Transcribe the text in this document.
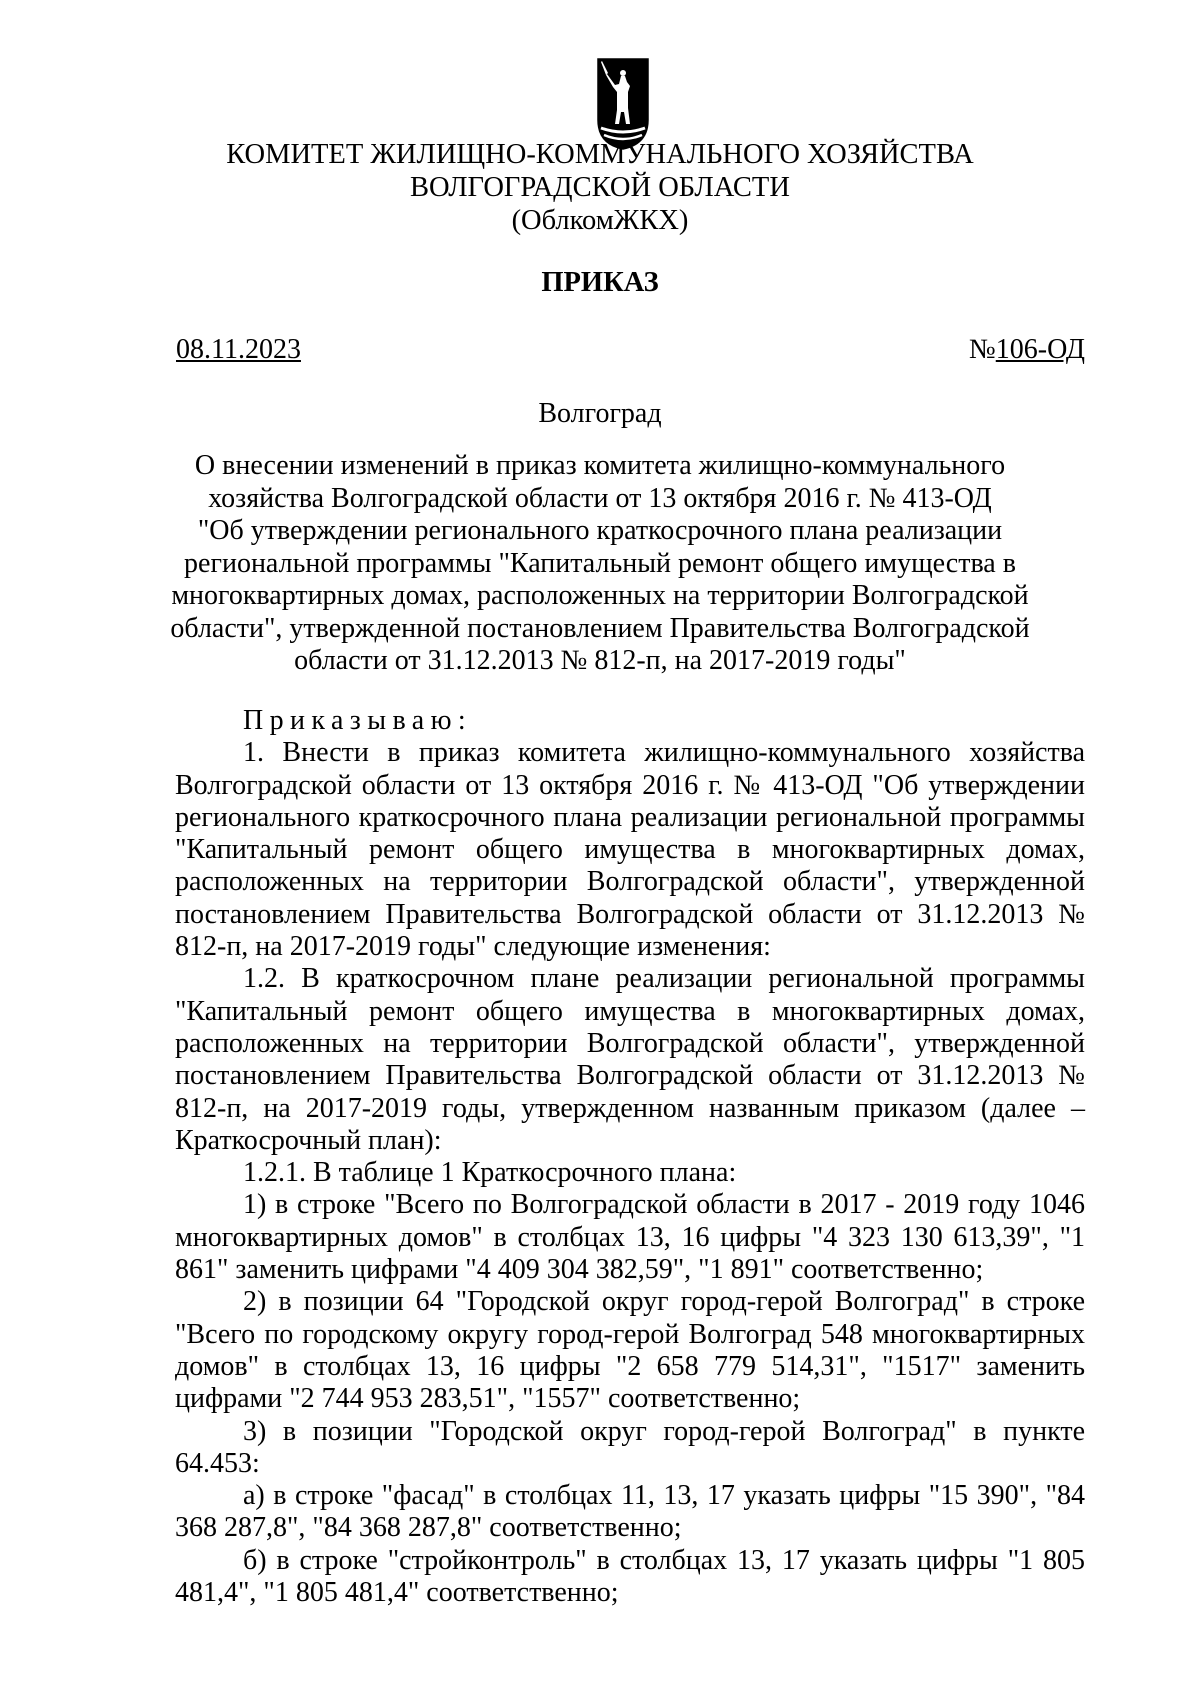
КОМИТЕТ ЖИЛИЩНО-КОММУНАЛЬНОГО ХОЗЯЙСТВА
ВОЛГОГРАДСКОЙ ОБЛАСТИ
(ОблкомЖКХ)
ПРИКАЗ
08.11.2023	№106-ОД
Волгоград
О внесении изменений в приказ комитета жилищно-коммунального
хозяйства Волгоградской области от 13 октября 2016 г. № 413-ОД
"Об утверждении регионального краткосрочного плана реализации
региональной программы "Капитальный ремонт общего имущества в
многоквартирных домах, расположенных на территории Волгоградской
области", утвержденной постановлением Правительства Волгоградской
области от 31.12.2013 № 812-п, на 2017-2019 годы"

Приказываю:

1. Внести в приказ комитета жилищно-коммунального хозяйства Волгоградской области от 13 октября 2016 г. № 413-ОД "Об утверждении регионального краткосрочного плана реализации региональной программы "Капитальный ремонт общего имущества в многоквартирных домах, расположенных на территории Волгоградской области", утвержденной постановлением Правительства Волгоградской области от 31.12.2013 № 812-п, на 2017-2019 годы" следующие изменения:

1.2. В краткосрочном плане реализации региональной программы "Капитальный ремонт общего имущества в многоквартирных домах, расположенных на территории Волгоградской области", утвержденной постановлением Правительства Волгоградской области от 31.12.2013 № 812-п, на 2017-2019 годы, утвержденном названным приказом (далее – Краткосрочный план):

1.2.1. В таблице 1 Краткосрочного плана:

1) в строке "Всего по Волгоградской области в 2017 - 2019 году 1046 многоквартирных домов" в столбцах 13, 16 цифры "4 323 130 613,39", "1 861" заменить цифрами "4 409 304 382,59", "1 891" соответственно;

2) в позиции 64 "Городской округ город-герой Волгоград" в строке "Всего по городскому округу город-герой Волгоград 548 многоквартирных домов" в столбцах 13, 16 цифры "2 658 779 514,31", "1517" заменить цифрами "2 744 953 283,51", "1557" соответственно;

3) в позиции "Городской округ город-герой Волгоград" в пункте 64.453:

а) в строке "фасад" в столбцах 11, 13, 17 указать цифры "15 390", "84 368 287,8", "84 368 287,8" соответственно;

б) в строке "стройконтроль" в столбцах 13, 17 указать цифры "1 805 481,4", "1 805 481,4" соответственно;
